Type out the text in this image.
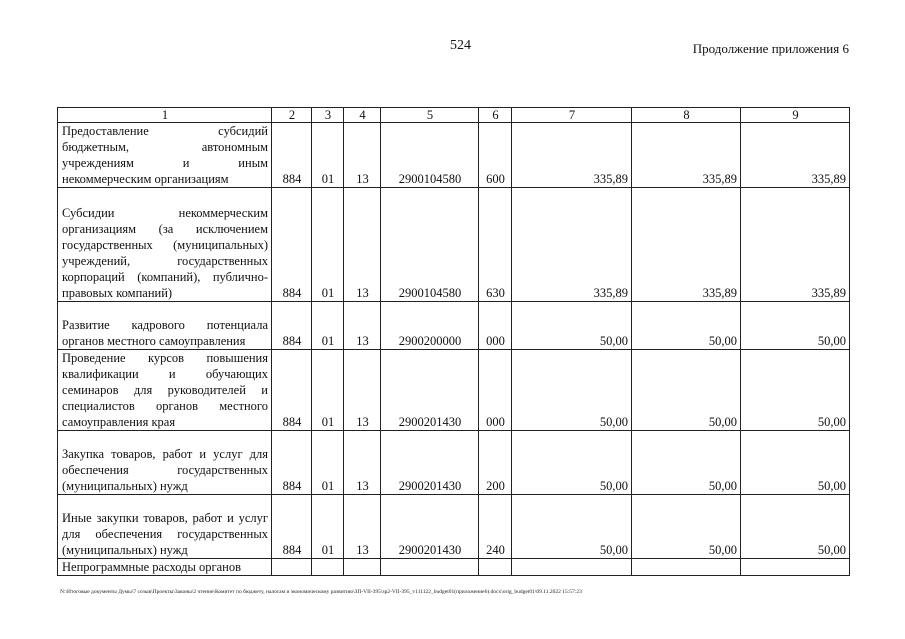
524	Продолжение приложения 6
1	2	3	4	5	6	7	8	9
Предоставление субсидий бюджетным, автономным учреждениям и иным некоммерческим организациям	884	01	13	2900104580	600	335,89	335,89	335,89
Субсидии некоммерческим организациям (за исключением государственных (муниципальных) учреждений, государственных корпораций (компаний), публично-правовых компаний)	884	01	13	2900104580	630	335,89	335,89	335,89
Развитие кадрового потенциала органов местного самоуправления	884	01	13	2900200000	000	50,00	50,00	50,00
Проведение курсов повышения квалификации и обучающих семинаров для руководителей и специалистов органов местного самоуправления края	884	01	13	2900201430	000	50,00	50,00	50,00
Закупка товаров, работ и услуг для обеспечения государственных (муниципальных) нужд	884	01	13	2900201430	200	50,00	50,00	50,00
Иные закупки товаров, работ и услуг для обеспечения государственных (муниципальных) нужд	884	01	13	2900201430	240	50,00	50,00	50,00
Непрограммные расходы органов								
N:\Итоговые документы Думы\7 созыв\Проекты\Законы\2 чтение\Комитет по бюджету, налогам и экономическому развитию\ЗП-VII-395\зр2-VII-395_v111122_budget01(приложение6).docx\orig_budget01\09.11.2022 15:57:23
